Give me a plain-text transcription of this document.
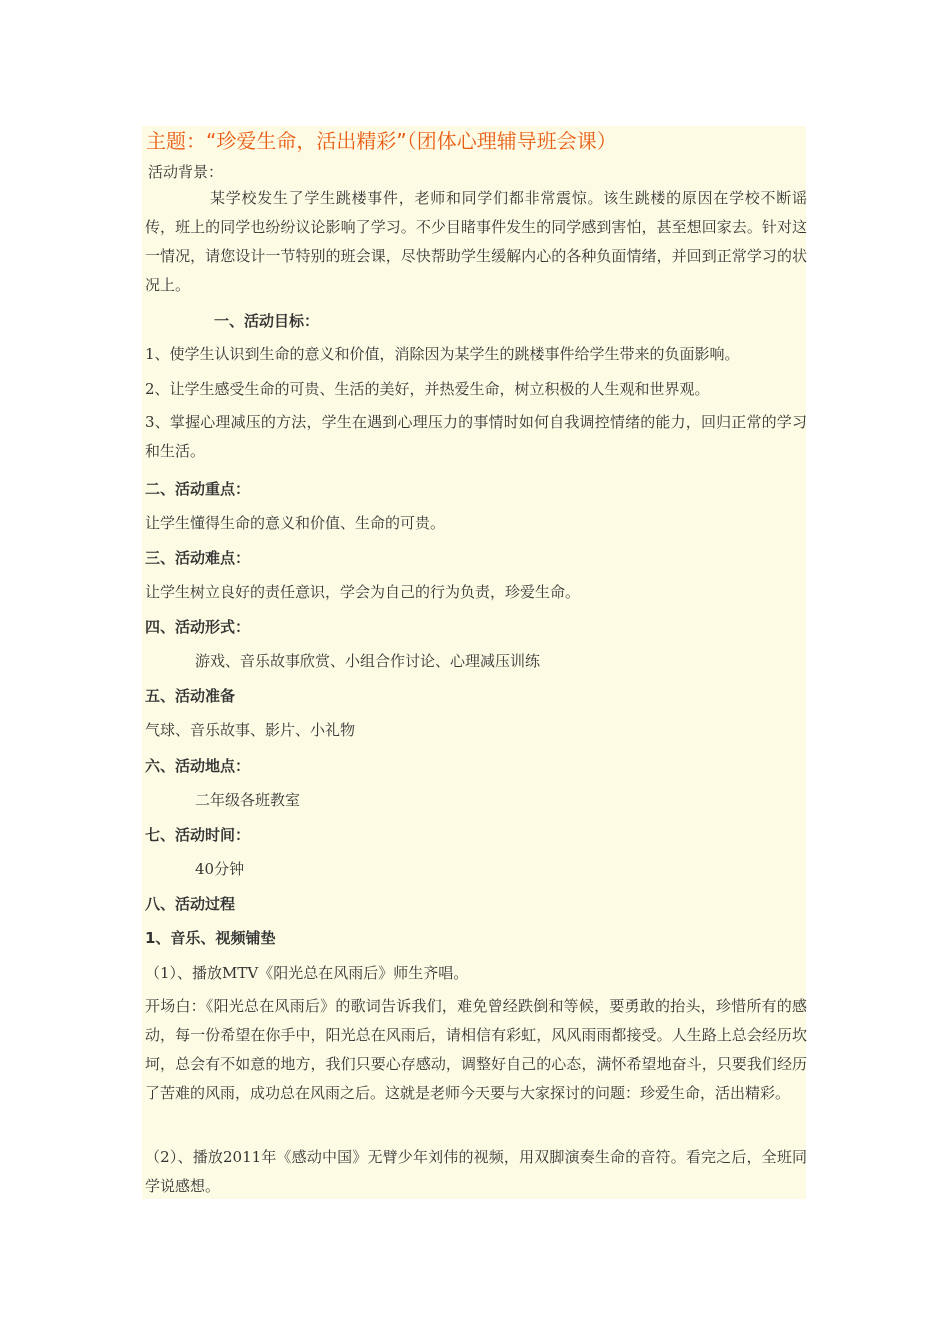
主题：“珍爱生命，活出精彩”（团体心理辅导班会课）
活动背景：
某学校发生了学生跳楼事件，老师和同学们都非常震惊。该生跳楼的原因在学校不断谣传，班上的同学也纷纷议论影响了学习。不少目睹事件发生的同学感到害怕，甚至想回家去。针对这一情况，请您设计一节特别的班会课，尽快帮助学生缓解内心的各种负面情绪，并回到正常学习的状况上。
一、活动目标：
1、使学生认识到生命的意义和价值，消除因为某学生的跳楼事件给学生带来的负面影响。
2、让学生感受生命的可贵、生活的美好，并热爱生命，树立积极的人生观和世界观。
3、掌握心理减压的方法，学生在遇到心理压力的事情时如何自我调控情绪的能力，回归正常的学习和生活。
二、活动重点：
让学生懂得生命的意义和价值、生命的可贵。
三、活动难点：
让学生树立良好的责任意识，学会为自己的行为负责，珍爱生命。
四、活动形式：
游戏、音乐故事欣赏、小组合作讨论、心理减压训练
五、活动准备
气球、音乐故事、影片、小礼物
六、活动地点：
二年级各班教室
七、活动时间：
40分钟
八、活动过程
1、音乐、视频铺垫
（1）、播放MTV《阳光总在风雨后》师生齐唱。
开场白：《阳光总在风雨后》的歌词告诉我们，难免曾经跌倒和等候，要勇敢的抬头，珍惜所有的感动，每一份希望在你手中，阳光总在风雨后，请相信有彩虹，风风雨雨都接受。人生路上总会经历坎坷，总会有不如意的地方，我们只要心存感动，调整好自己的心态，满怀希望地奋斗，只要我们经历了苦难的风雨，成功总在风雨之后。这就是老师今天要与大家探讨的问题：珍爱生命，活出精彩。
（2）、播放2011年《感动中国》无臂少年刘伟的视频，用双脚演奏生命的音符。看完之后，全班同学说感想。
